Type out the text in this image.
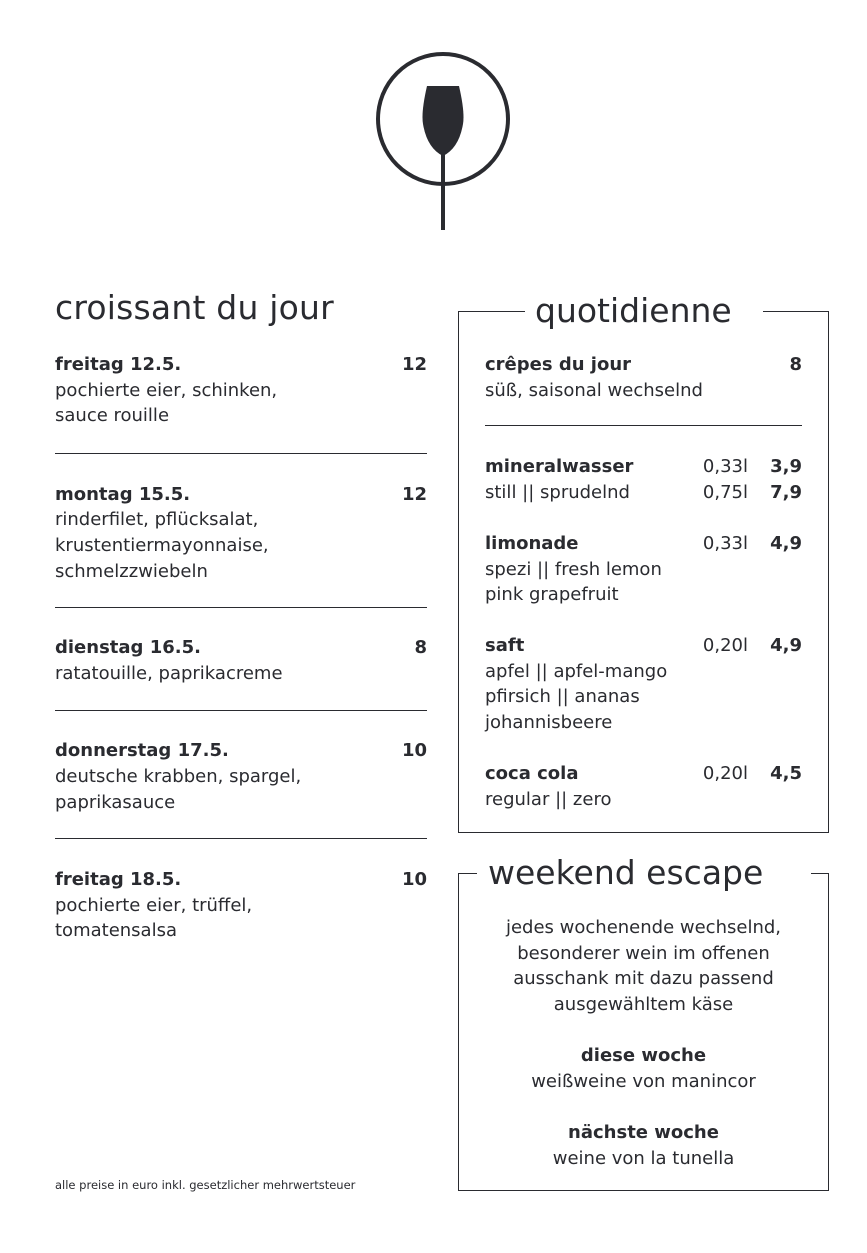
croissant du jour
freitag 12.5.	12
pochierte eier, schinken,
sauce rouille
montag 15.5.	12
rinderfilet, pflücksalat,
krustentiermayonnaise,
schmelzzwiebeln
dienstag 16.5.	8
ratatouille, paprikacreme
donnerstag 17.5.	10
deutsche krabben, spargel,
paprikasauce
freitag 18.5.	10
pochierte eier, trüffel,
tomatensalsa
alle preise in euro inkl. gesetzlicher mehrwertsteuer
quotidienne
crêpes du jour	8
süß, saisonal wechselnd
mineralwasser	0,33l	3,9
still || sprudelnd	0,75l	7,9
limonade	0,33l	4,9
spezi || fresh lemon
pink grapefruit
saft	0,20l	4,9
apfel || apfel-mango
pfirsich || ananas
johannisbeere
coca cola	0,20l	4,5
regular || zero
weekend escape
jedes wochenende wechselnd,
besonderer wein im offenen
ausschank mit dazu passend
ausgewähltem käse
diese woche
weißweine von manincor
nächste woche
weine von la tunella
